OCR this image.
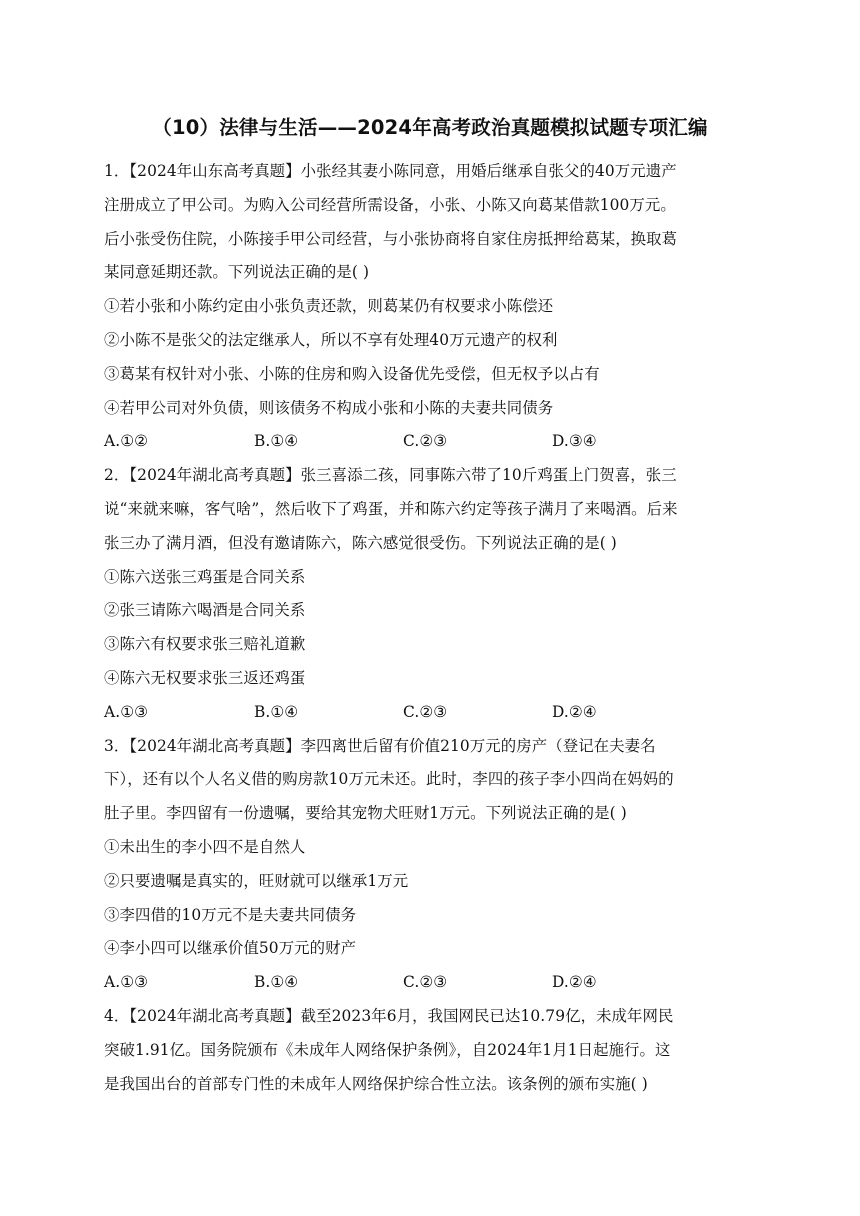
（10）法律与生活——2024年高考政治真题模拟试题专项汇编
1．【2024年山东高考真题】小张经其妻小陈同意，用婚后继承自张父的40万元遗产
注册成立了甲公司。为购入公司经营所需设备，小张、小陈又向葛某借款100万元。
后小张受伤住院，小陈接手甲公司经营，与小张协商将自家住房抵押给葛某，换取葛
某同意延期还款。下列说法正确的是( )
①若小张和小陈约定由小张负责还款，则葛某仍有权要求小陈偿还
②小陈不是张父的法定继承人，所以不享有处理40万元遗产的权利
③葛某有权针对小张、小陈的住房和购入设备优先受偿，但无权予以占有
④若甲公司对外负债，则该债务不构成小张和小陈的夫妻共同债务
A.①②	B.①④	C.②③	D.③④
2．【2024年湖北高考真题】张三喜添二孩，同事陈六带了10斤鸡蛋上门贺喜，张三
说“来就来嘛，客气啥”，然后收下了鸡蛋，并和陈六约定等孩子满月了来喝酒。后来
张三办了满月酒，但没有邀请陈六，陈六感觉很受伤。下列说法正确的是( )
①陈六送张三鸡蛋是合同关系
②张三请陈六喝酒是合同关系
③陈六有权要求张三赔礼道歉
④陈六无权要求张三返还鸡蛋
A.①③	B.①④	C.②③	D.②④
3．【2024年湖北高考真题】李四离世后留有价值210万元的房产（登记在夫妻名
下），还有以个人名义借的购房款10万元未还。此时，李四的孩子李小四尚在妈妈的
肚子里。李四留有一份遗嘱，要给其宠物犬旺财1万元。下列说法正确的是( )
①未出生的李小四不是自然人
②只要遗嘱是真实的，旺财就可以继承1万元
③李四借的10万元不是夫妻共同债务
④李小四可以继承价值50万元的财产
A.①③	B.①④	C.②③	D.②④
4．【2024年湖北高考真题】截至2023年6月，我国网民已达10.79亿，未成年网民
突破1.91亿。国务院颁布《未成年人网络保护条例》，自2024年1月1日起施行。这
是我国出台的首部专门性的未成年人网络保护综合性立法。该条例的颁布实施( )
